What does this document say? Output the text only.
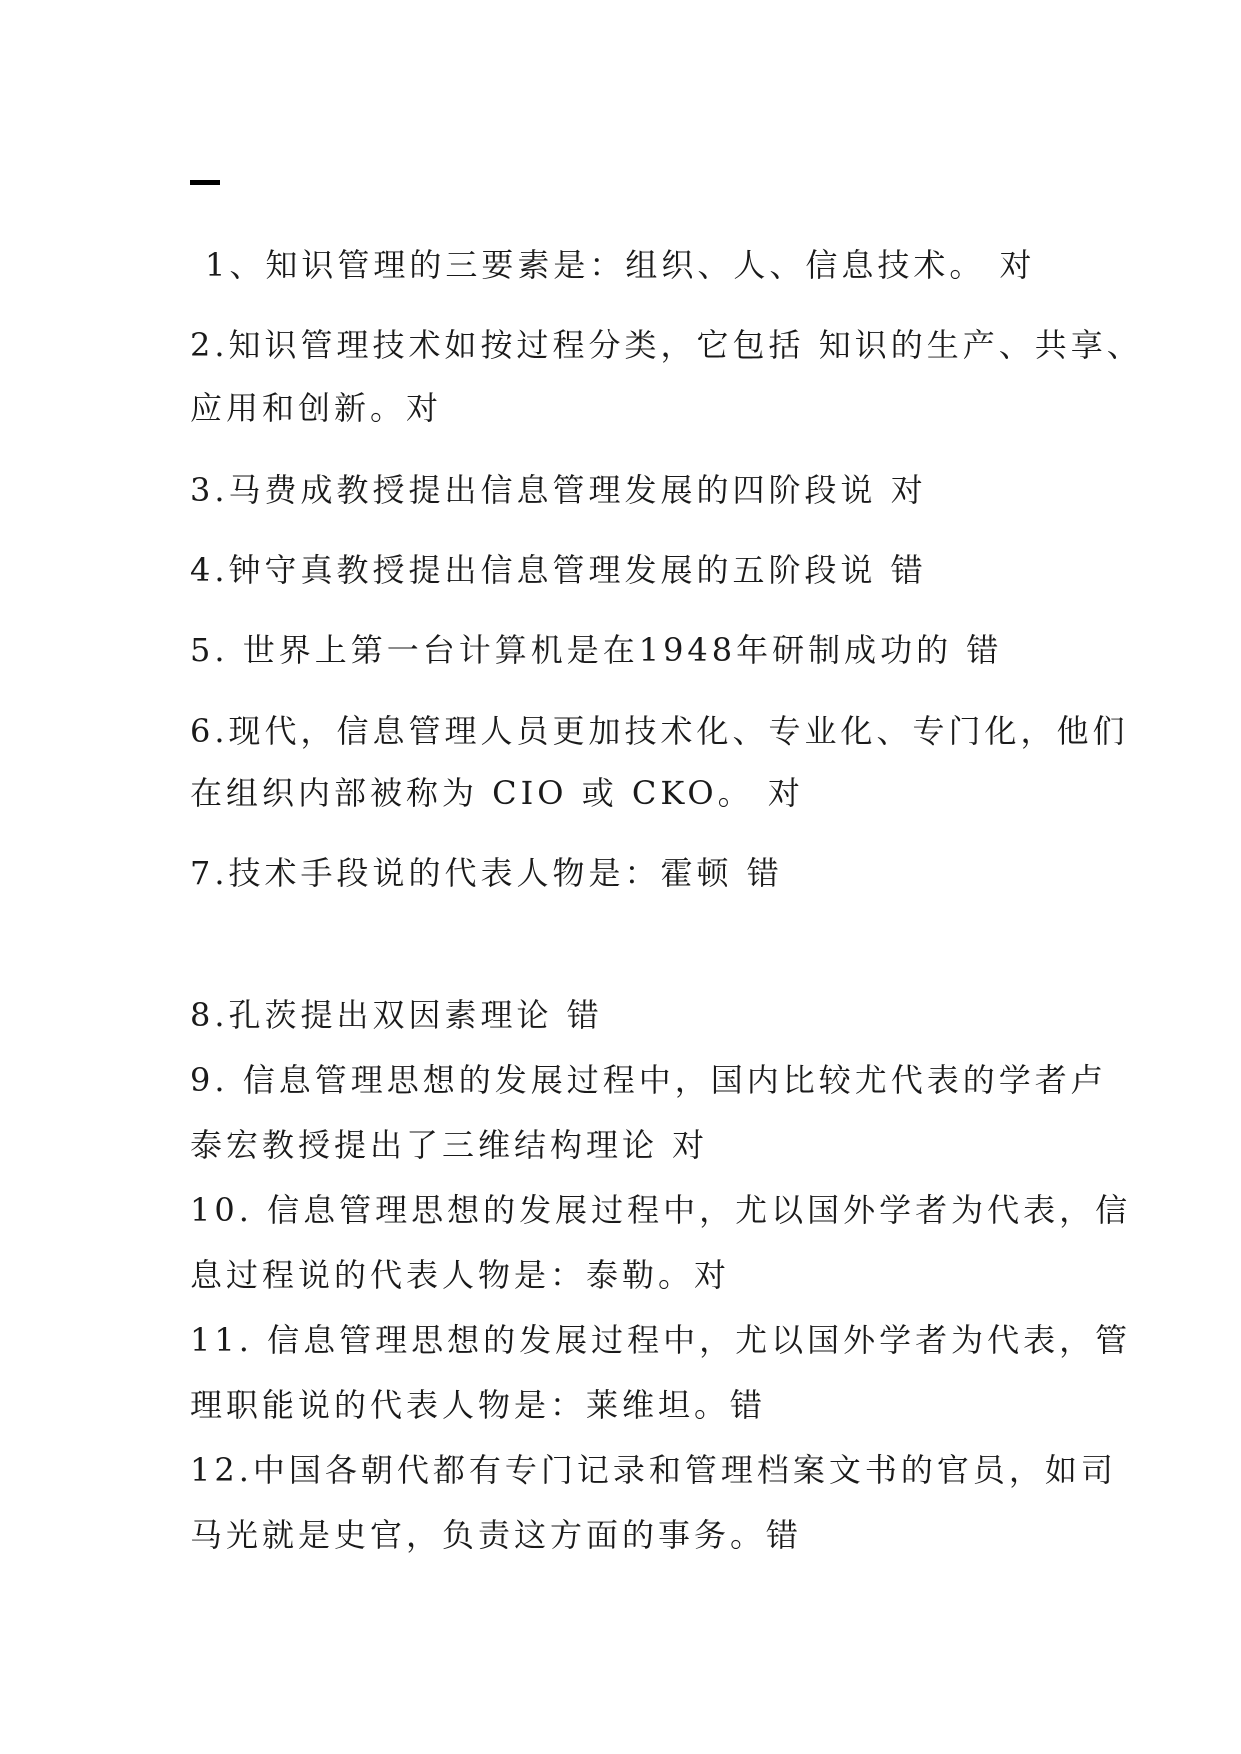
1、知识管理的三要素是：组织、人、信息技术。 对
2.知识管理技术如按过程分类，它包括 知识的生产、共享、
应用和创新。对
3.马费成教授提出信息管理发展的四阶段说 对
4.钟守真教授提出信息管理发展的五阶段说 错
5. 世界上第一台计算机是在1948年研制成功的 错
6.现代，信息管理人员更加技术化、专业化、专门化，他们
在组织内部被称为 CIO 或 CKO。 对
7.技术手段说的代表人物是：霍顿 错
8.孔茨提出双因素理论 错
9. 信息管理思想的发展过程中，国内比较尤代表的学者卢
泰宏教授提出了三维结构理论 对
10. 信息管理思想的发展过程中，尤以国外学者为代表，信
息过程说的代表人物是：泰勒。对
11. 信息管理思想的发展过程中，尤以国外学者为代表，管
理职能说的代表人物是：莱维坦。错
12.中国各朝代都有专门记录和管理档案文书的官员，如司
马光就是史官，负责这方面的事务。错
